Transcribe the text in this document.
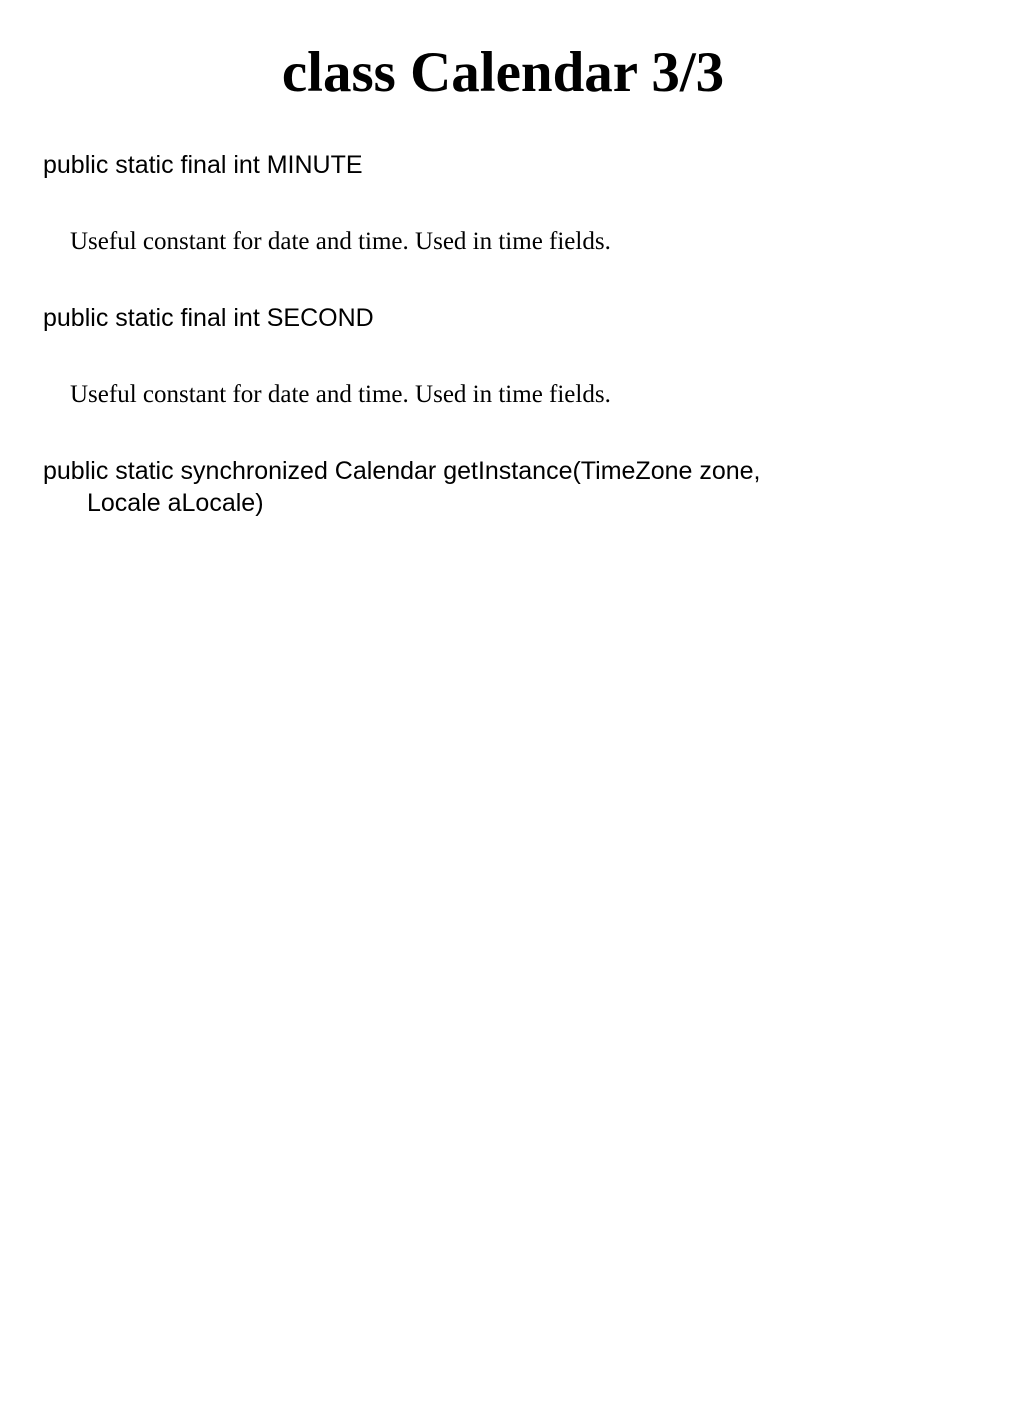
class Calendar 3/3

public static final int MINUTE

Useful constant for date and time. Used in time fields.

public static final int SECOND

Useful constant for date and time. Used in time fields.

public static synchronized Calendar getInstance(TimeZone zone,
Locale aLocale)
